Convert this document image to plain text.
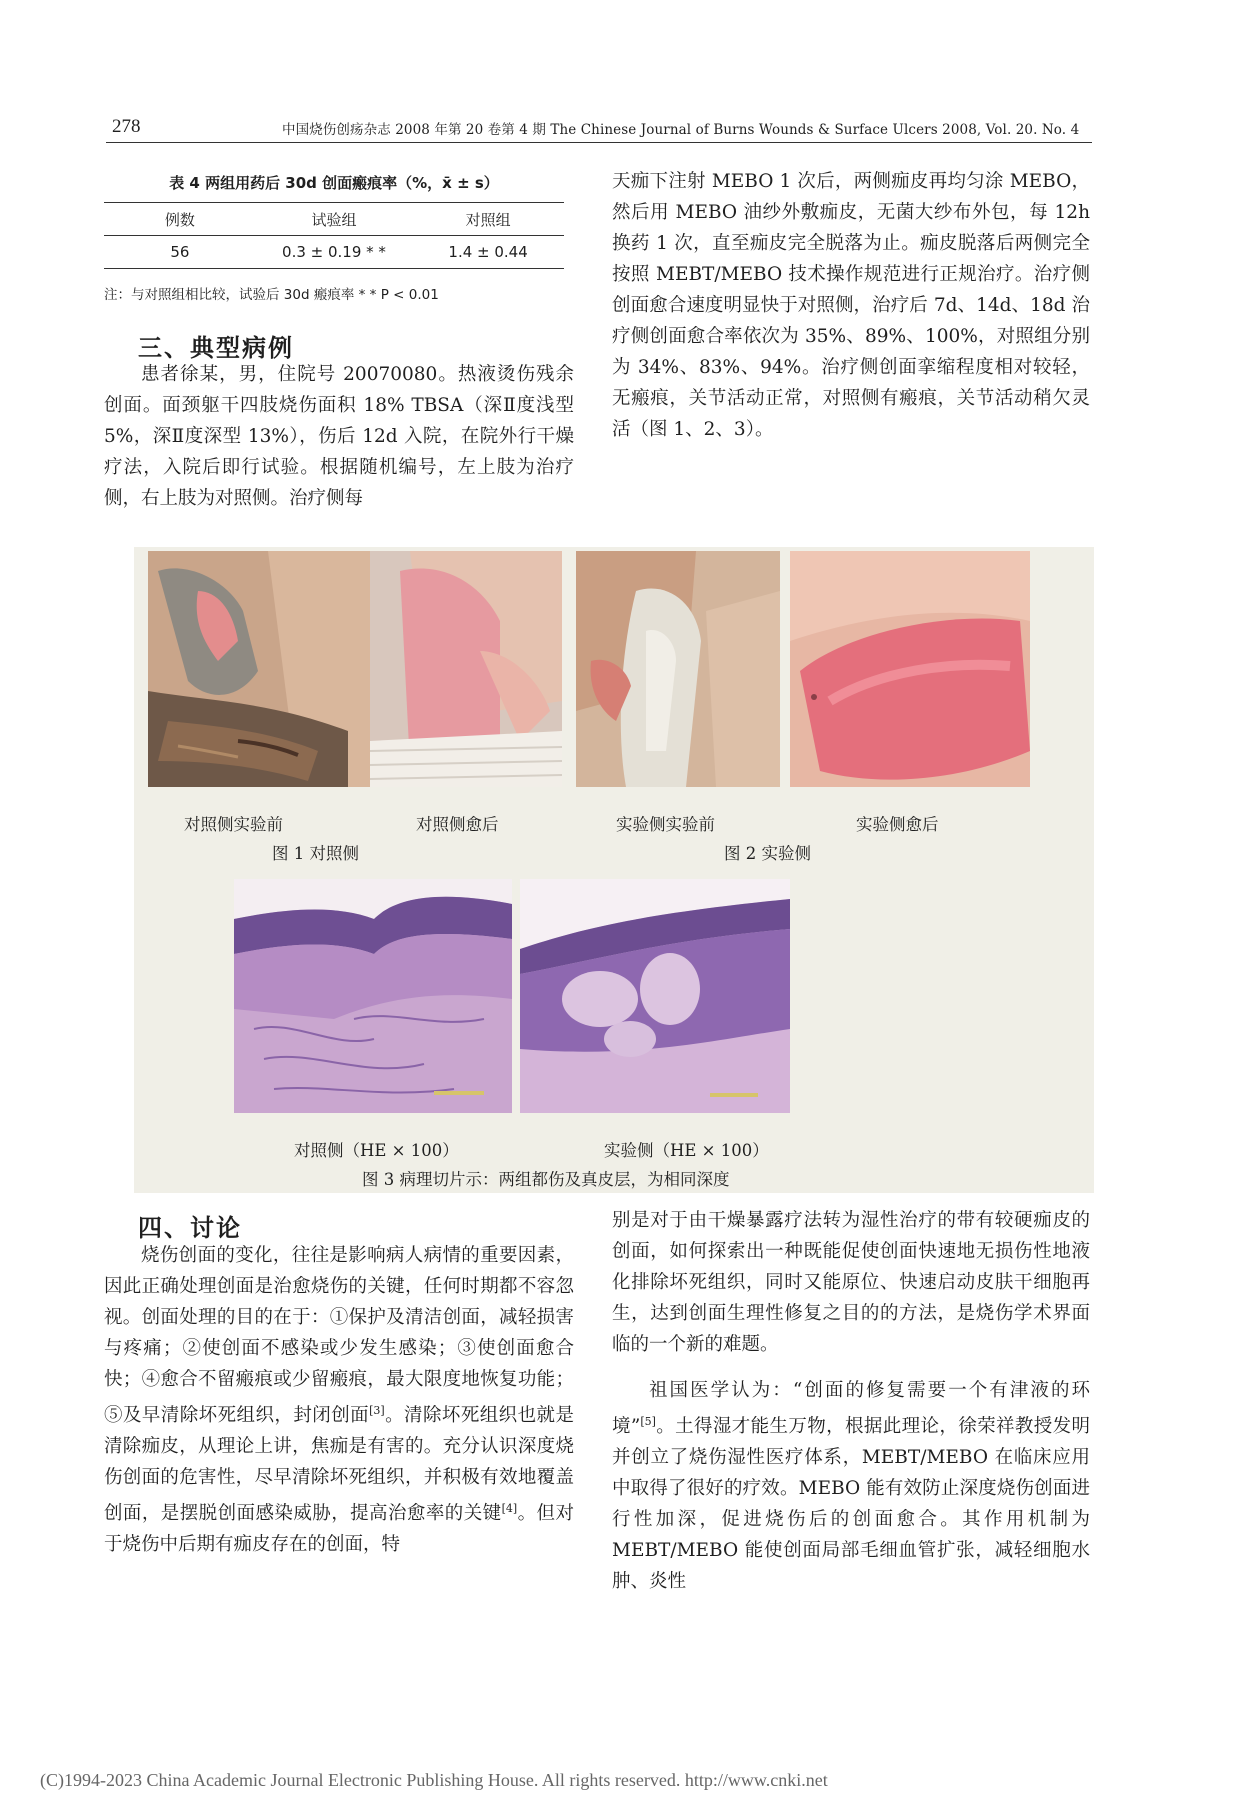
278	中国烧伤创疡杂志 2008 年第 20 卷第 4 期 The Chinese Journal of Burns Wounds & Surface Ulcers 2008, Vol. 20. No. 4
表 4 两组用药后 30d 创面瘢痕率（%，x̄ ± s）
例数	试验组	对照组
56	0.3 ± 0.19 * *	1.4 ± 0.44
注：与对照组相比较，试验后 30d 瘢痕率 * * P < 0.01
三、典型病例
患者徐某，男，住院号 20070080。热液烫伤残余创面。面颈躯干四肢烧伤面积 18% TBSA（深Ⅱ度浅型 5%，深Ⅱ度深型 13%），伤后 12d 入院，在院外行干燥疗法，入院后即行试验。根据随机编号，左上肢为治疗侧，右上肢为对照侧。治疗侧每
天痂下注射 MEBO 1 次后，两侧痂皮再均匀涂 MEBO，然后用 MEBO 油纱外敷痂皮，无菌大纱布外包，每 12h 换药 1 次，直至痂皮完全脱落为止。痂皮脱落后两侧完全按照 MEBT/MEBO 技术操作规范进行正规治疗。治疗侧创面愈合速度明显快于对照侧，治疗后 7d、14d、18d 治疗侧创面愈合率依次为 35%、89%、100%，对照组分别为 34%、83%、94%。治疗侧创面挛缩程度相对较轻，无瘢痕，关节活动正常，对照侧有瘢痕，关节活动稍欠灵活（图 1、2、3）。
对照侧实验前	对照侧愈后	实验侧实验前	实验侧愈后
图 1 对照侧	图 2 实验侧
对照侧（HE × 100）	实验侧（HE × 100）
图 3 病理切片示：两组都伤及真皮层，为相同深度
四、讨论
烧伤创面的变化，往往是影响病人病情的重要因素，因此正确处理创面是治愈烧伤的关键，任何时期都不容忽视。创面处理的目的在于：①保护及清洁创面，减轻损害与疼痛；②使创面不感染或少发生感染；③使创面愈合快；④愈合不留瘢痕或少留瘢痕，最大限度地恢复功能；⑤及早清除坏死组织，封闭创面[3]。清除坏死组织也就是清除痂皮，从理论上讲，焦痂是有害的。充分认识深度烧伤创面的危害性，尽早清除坏死组织，并积极有效地覆盖创面，是摆脱创面感染威胁，提高治愈率的关键[4]。但对于烧伤中后期有痂皮存在的创面，特
别是对于由干燥暴露疗法转为湿性治疗的带有较硬痂皮的创面，如何探索出一种既能促使创面快速地无损伤性地液化排除坏死组织，同时又能原位、快速启动皮肤干细胞再生，达到创面生理性修复之目的的方法，是烧伤学术界面临的一个新的难题。
祖国医学认为：“创面的修复需要一个有津液的环境”[5]。土得湿才能生万物，根据此理论，徐荣祥教授发明并创立了烧伤湿性医疗体系，MEBT/MEBO 在临床应用中取得了很好的疗效。MEBO 能有效防止深度烧伤创面进行性加深，促进烧伤后的创面愈合。其作用机制为 MEBT/MEBO 能使创面局部毛细血管扩张，减轻细胞水肿、炎性
(C)1994-2023 China Academic Journal Electronic Publishing House. All rights reserved. http://www.cnki.net
